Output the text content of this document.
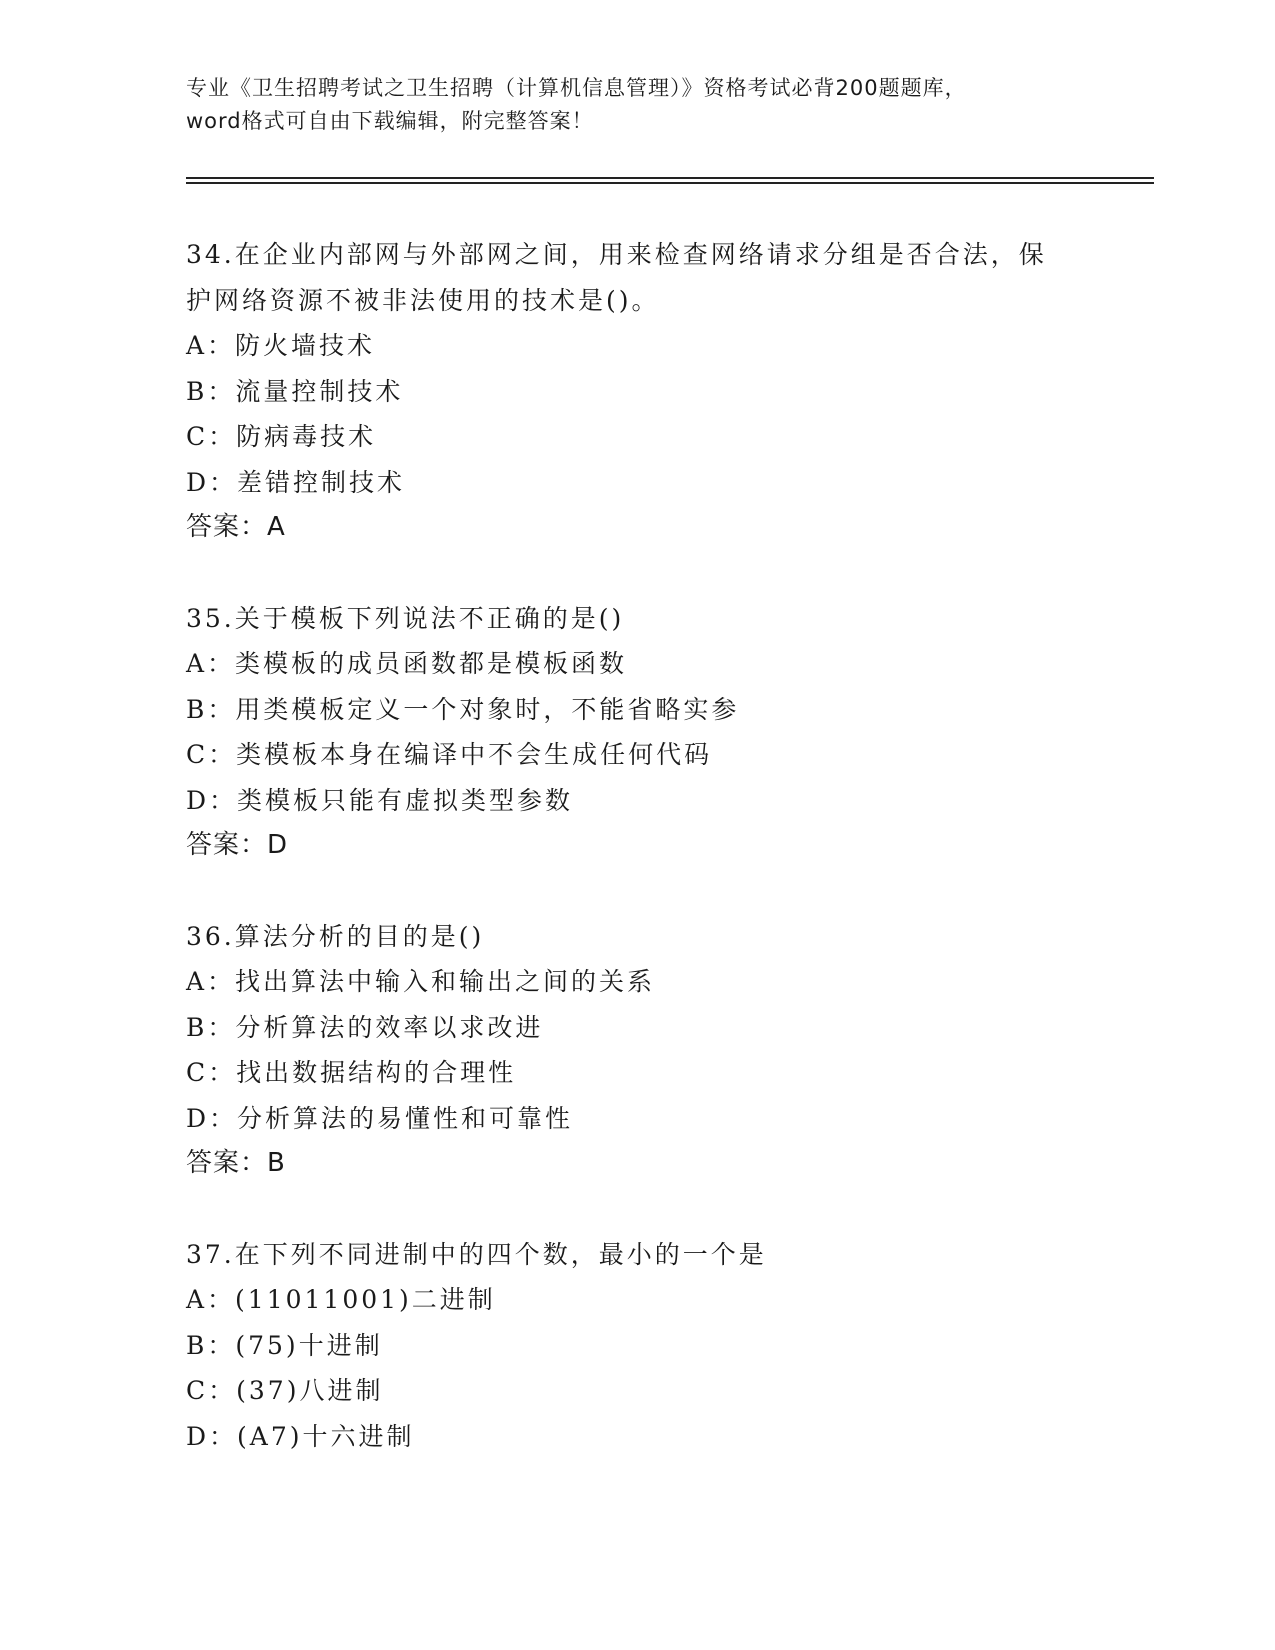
专业《卫生招聘考试之卫生招聘（计算机信息管理）》资格考试必背200题题库，
word格式可自由下载编辑，附完整答案！
34.在企业内部网与外部网之间，用来检查网络请求分组是否合法，保
护网络资源不被非法使用的技术是()。
A：防火墙技术
B：流量控制技术
C：防病毒技术
D：差错控制技术
答案：A
35.关于模板下列说法不正确的是()
A：类模板的成员函数都是模板函数
B：用类模板定义一个对象时，不能省略实参
C：类模板本身在编译中不会生成任何代码
D：类模板只能有虚拟类型参数
答案：D
36.算法分析的目的是()
A：找出算法中输入和输出之间的关系
B：分析算法的效率以求改进
C：找出数据结构的合理性
D：分析算法的易懂性和可靠性
答案：B
37.在下列不同进制中的四个数，最小的一个是
A：(11011001)二进制
B：(75)十进制
C：(37)八进制
D：(A7)十六进制
